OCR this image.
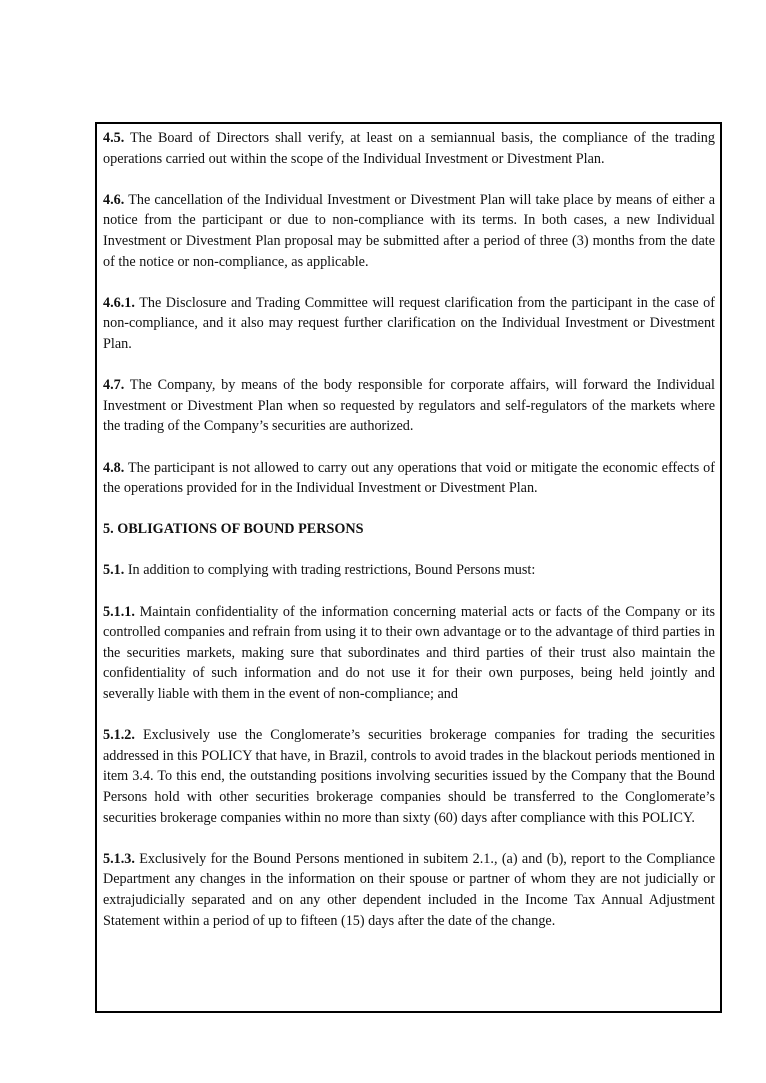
4.5. The Board of Directors shall verify, at least on a semiannual basis, the compliance of the trading operations carried out within the scope of the Individual Investment or Divestment Plan.

4.6. The cancellation of the Individual Investment or Divestment Plan will take place by means of either a notice from the participant or due to non-compliance with its terms. In both cases, a new Individual Investment or Divestment Plan proposal may be submitted after a period of three (3) months from the date of the notice or non-compliance, as applicable.

4.6.1. The Disclosure and Trading Committee will request clarification from the participant in the case of non-compliance, and it also may request further clarification on the Individual Investment or Divestment Plan.

4.7. The Company, by means of the body responsible for corporate affairs, will forward the Individual Investment or Divestment Plan when so requested by regulators and self-regulators of the markets where the trading of the Company’s securities are authorized.

4.8. The participant is not allowed to carry out any operations that void or mitigate the economic effects of the operations provided for in the Individual Investment or Divestment Plan.

5. OBLIGATIONS OF BOUND PERSONS

5.1. In addition to complying with trading restrictions, Bound Persons must:

5.1.1. Maintain confidentiality of the information concerning material acts or facts of the Company or its controlled companies and refrain from using it to their own advantage or to the advantage of third parties in the securities markets, making sure that subordinates and third parties of their trust also maintain the confidentiality of such information and do not use it for their own purposes, being held jointly and severally liable with them in the event of non-compliance; and

5.1.2. Exclusively use the Conglomerate’s securities brokerage companies for trading the securities addressed in this POLICY that have, in Brazil, controls to avoid trades in the blackout periods mentioned in item 3.4. To this end, the outstanding positions involving securities issued by the Company that the Bound Persons hold with other securities brokerage companies should be transferred to the Conglomerate’s securities brokerage companies within no more than sixty (60) days after compliance with this POLICY.

5.1.3. Exclusively for the Bound Persons mentioned in subitem 2.1., (a) and (b), report to the Compliance Department any changes in the information on their spouse or partner of whom they are not judicially or extrajudicially separated and on any other dependent included in the Income Tax Annual Adjustment Statement within a period of up to fifteen (15) days after the date of the change.
